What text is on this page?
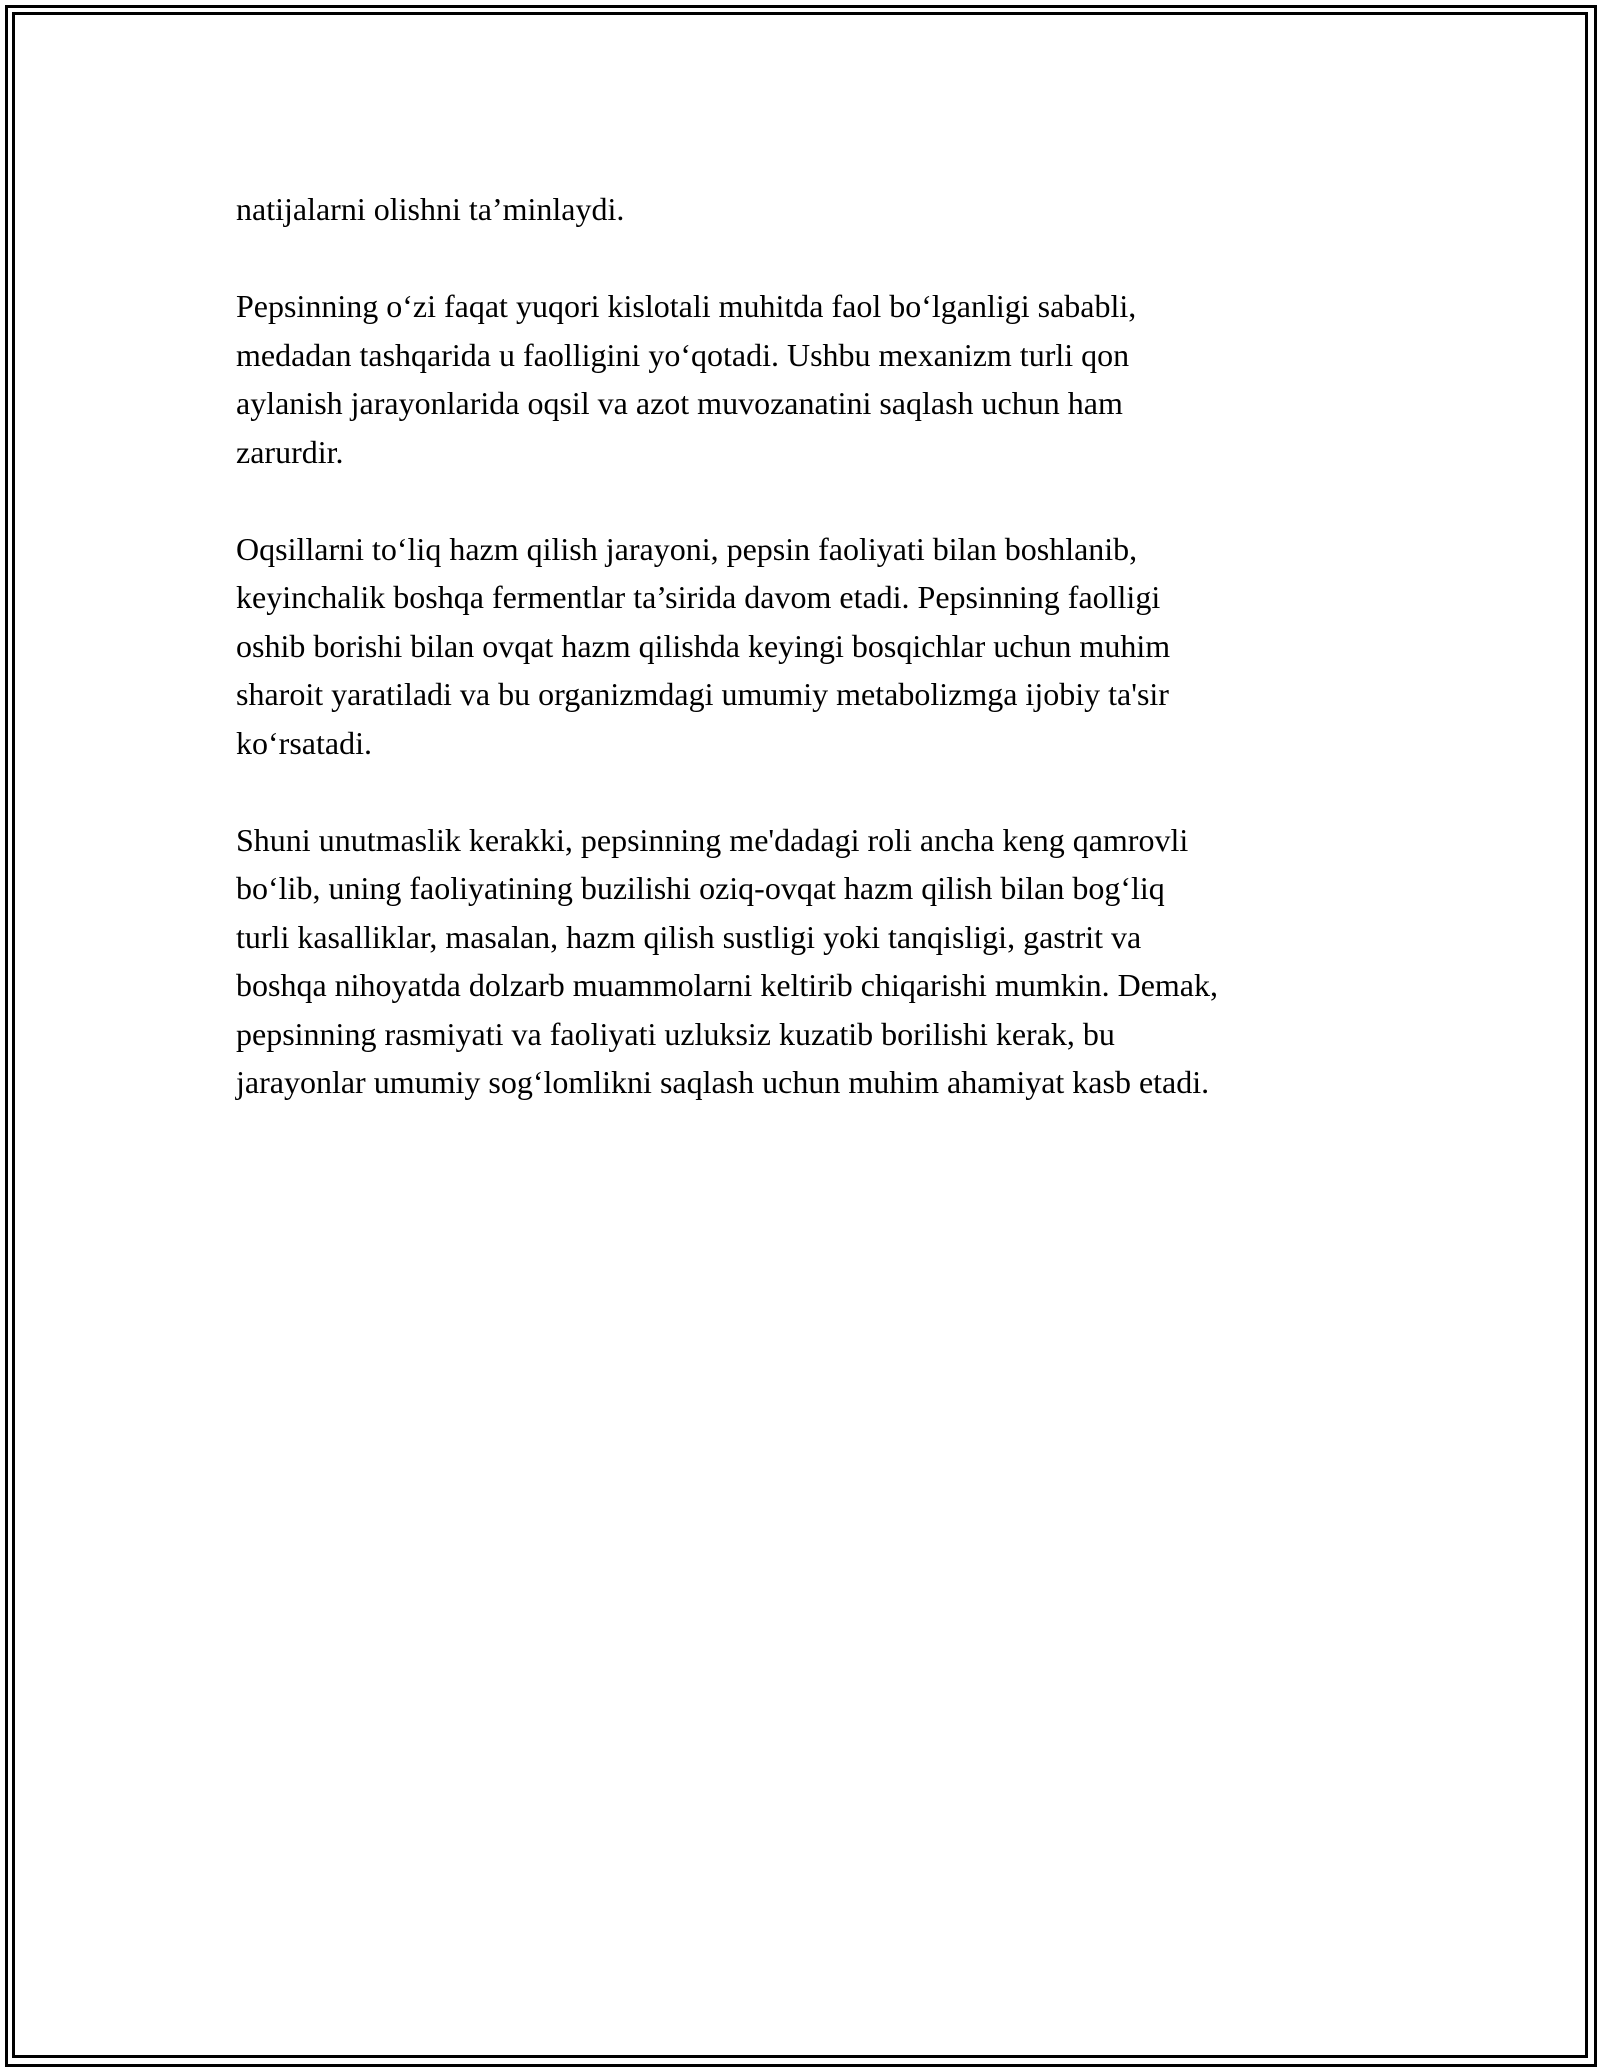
natijalarni olishni ta’minlaydi.

Pepsinning o‘zi faqat yuqori kislotali muhitda faol bo‘lganligi sababli,
medadan tashqarida u faolligini yo‘qotadi. Ushbu mexanizm turli qon
aylanish jarayonlarida oqsil va azot muvozanatini saqlash uchun ham
zarurdir.

Oqsillarni to‘liq hazm qilish jarayoni, pepsin faoliyati bilan boshlanib,
keyinchalik boshqa fermentlar ta’sirida davom etadi. Pepsinning faolligi
oshib borishi bilan ovqat hazm qilishda keyingi bosqichlar uchun muhim
sharoit yaratiladi va bu organizmdagi umumiy metabolizmga ijobiy ta'sir
ko‘rsatadi.

Shuni unutmaslik kerakki, pepsinning me'dadagi roli ancha keng qamrovli
bo‘lib, uning faoliyatining buzilishi oziq-ovqat hazm qilish bilan bog‘liq
turli kasalliklar, masalan, hazm qilish sustligi yoki tanqisligi, gastrit va
boshqa nihoyatda dolzarb muammolarni keltirib chiqarishi mumkin. Demak,
pepsinning rasmiyati va faoliyati uzluksiz kuzatib borilishi kerak, bu
jarayonlar umumiy sog‘lomlikni saqlash uchun muhim ahamiyat kasb etadi.
